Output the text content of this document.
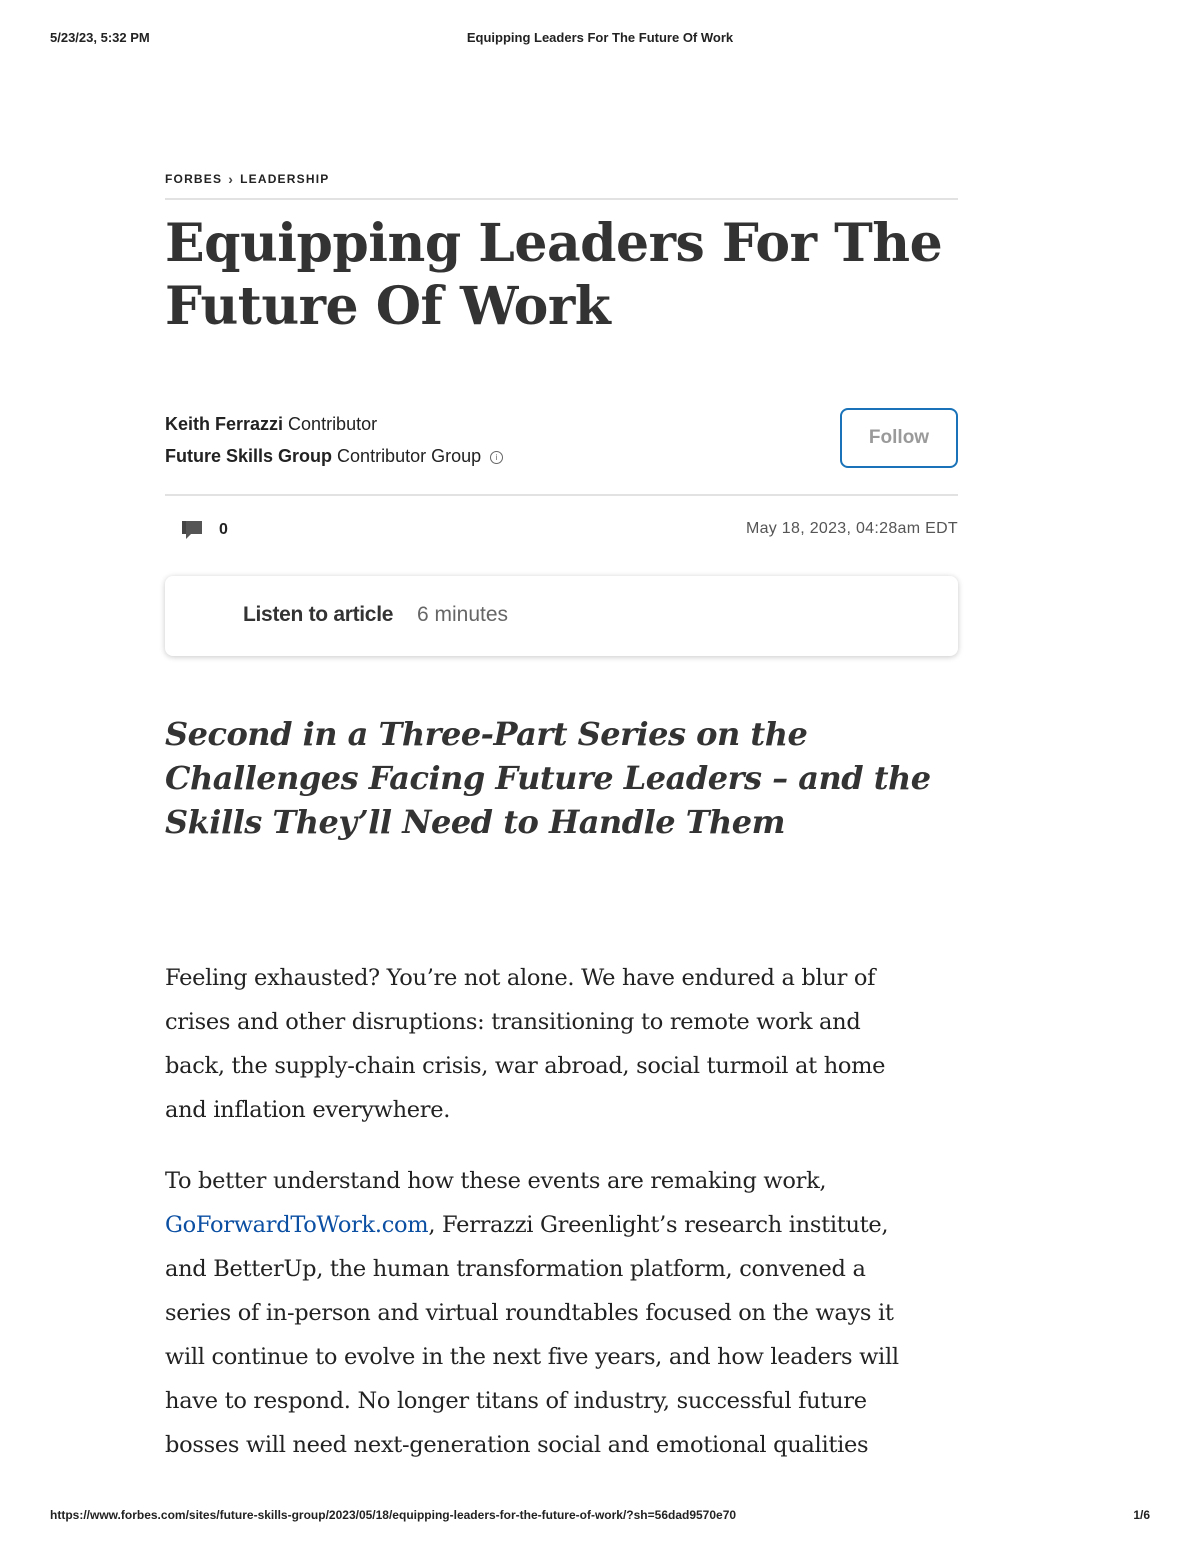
5/23/23, 5:32 PM	Equipping Leaders For The Future Of Work
FORBES › LEADERSHIP
Equipping Leaders For The
Future Of Work
Keith Ferrazzi Contributor
Future Skills Group Contributor Group i
Follow
0	May 18, 2023, 04:28am EDT
Listen to article 6 minutes
Second in a Three-Part Series on the
Challenges Facing Future Leaders – and the
Skills They’ll Need to Handle Them

Feeling exhausted? You’re not alone. We have endured a blur of
crises and other disruptions: transitioning to remote work and
back, the supply-chain crisis, war abroad, social turmoil at home
and inflation everywhere.

To better understand how these events are remaking work,
GoForwardToWork.com, Ferrazzi Greenlight’s research institute,
and BetterUp, the human transformation platform, convened a
series of in-person and virtual roundtables focused on the ways it
will continue to evolve in the next five years, and how leaders will
have to respond. No longer titans of industry, successful future
bosses will need next-generation social and emotional qualities

https://www.forbes.com/sites/future-skills-group/2023/05/18/equipping-leaders-for-the-future-of-work/?sh=56dad9570e70	1/6
